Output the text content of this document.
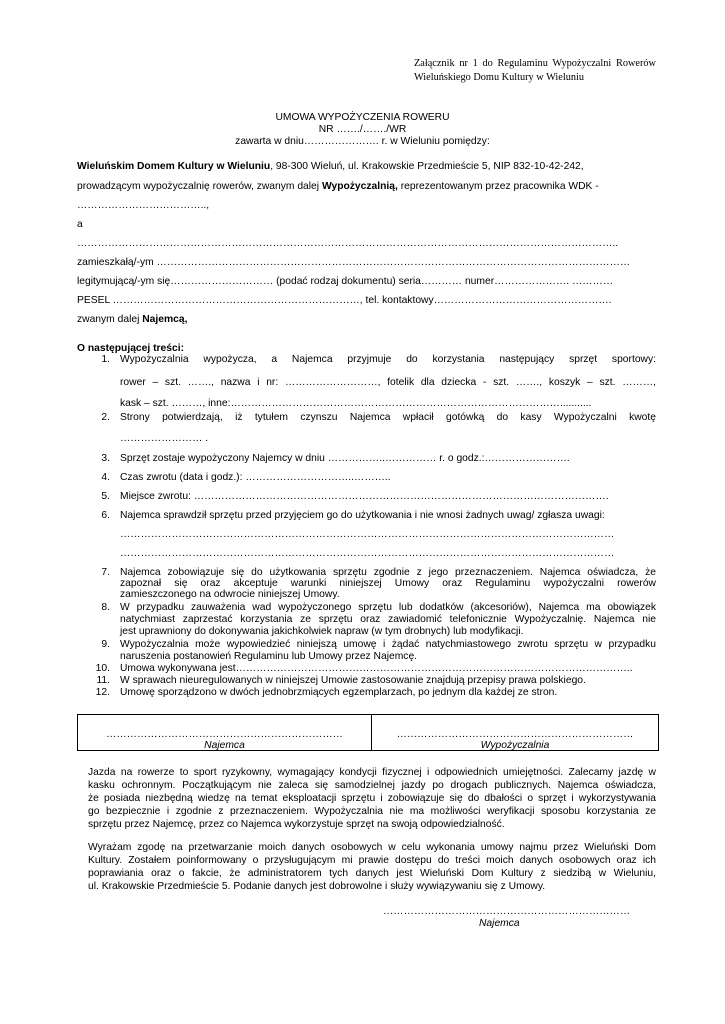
Załącznik nr 1 do Regulaminu Wypożyczalni Rowerów Wieluńskiego Domu Kultury w Wieluniu
UMOWA WYPOŻYCZENIA ROWERU
NR ……./……./WR
zawarta w dniu…………………. r. w Wieluniu pomiędzy:
Wieluńskim Domem Kultury w Wieluniu, 98-300 Wieluń, ul. Krakowskie Przedmieście 5, NIP 832-10-42-242,
prowadzącym wypożyczalnię rowerów, zwanym dalej Wypożyczalnią, reprezentowanym przez pracownika WDK -
………………………………..,
a
…………………………………………………………………………………………………………………………………………..
zamieszkałą/-ym …………………………………………………………………………………………………………………………
legitymującą/-ym się………………………… (podać rodzaj dokumentu) seria………… numer…………………. …………
PESEL ………………………………………………………………, tel. kontaktowy…………………………………………….
zwanym dalej Najemcą,
O następującej treści:
1. Wypożyczalnia wypożycza, a Najemca przyjmuje do korzystania następujący sprzęt sportowy:
rower – szt. ……., nazwa i nr: ………………………, fotelik dla dziecka - szt. ……., koszyk – szt. ………,
kask – szt. ………, inne:……………………………………………………………………………………...........
2. Strony potwierdzają, iż tytułem czynszu Najemca wpłacił gotówką do kasy Wypożyczalni kwotę
…………………… .
3. Sprzęt zostaje wypożyczony Najemcy w dniu ……………..…………… r. o godz.:…………………….
4. Czas zwrotu (data i godz.): …………………………..………..
5. Miejsce zwrotu: ………………………………………………………………………………………………………….
6. Najemca sprawdził sprzętu przed przyjęciem go do użytkowania i nie wnosi żadnych uwag/ zgłasza uwagi:
………………………………………………………………………………………………………………………………
………………………………………………………………………………………………………………………………
7. Najemca zobowiązuje się do użytkowania sprzętu zgodnie z jego przeznaczeniem. Najemca oświadcza, że
zapoznał się oraz akceptuje warunki niniejszej Umowy oraz Regulaminu wypożyczalni rowerów
zamieszczonego na odwrocie niniejszej Umowy.
8. W przypadku zauważenia wad wypożyczonego sprzętu lub dodatków (akcesoriów), Najemca ma obowiązek
natychmiast zaprzestać korzystania ze sprzętu oraz zawiadomić telefonicznie Wypożyczalnię. Najemca nie
jest uprawniony do dokonywania jakichkolwiek napraw (w tym drobnych) lub modyfikacji.
9. Wypożyczalnia może wypowiedzieć niniejszą umowę i żądać natychmiastowego zwrotu sprzętu w przypadku
naruszenia postanowień Regulaminu lub Umowy przez Najemcę.
10. Umowa wykonywana jest……………………………………………………………………………………………………..
11. W sprawach nieuregulowanych w niniejszej Umowie zastosowanie znajdują przepisy prawa polskiego.
12. Umowę sporządzono w dwóch jednobrzmiących egzemplarzach, po jednym dla każdej ze stron.
……………………………………………………………
Najemca
……………………………………………………………
Wypożyczalnia
Jazda na rowerze to sport ryzykowny, wymagający kondycji fizycznej i odpowiednich umiejętności. Zalecamy jazdę w
kasku ochronnym. Początkującym nie zaleca się samodzielnej jazdy po drogach publicznych. Najemca oświadcza,
że posiada niezbędną wiedzę na temat eksploatacji sprzętu i zobowiązuje się do dbałości o sprzęt i wykorzystywania
go bezpiecznie i zgodnie z przeznaczeniem. Wypożyczalnia nie ma możliwości weryfikacji sposobu korzystania ze
sprzętu przez Najemcę, przez co Najemca wykorzystuje sprzęt na swoją odpowiedzialność.
Wyrażam zgodę na przetwarzanie moich danych osobowych w celu wykonania umowy najmu przez Wieluński Dom
Kultury. Zostałem poinformowany o przysługującym mi prawie dostępu do treści moich danych osobowych oraz ich
poprawiania oraz o fakcie, że administratorem tych danych jest Wieluński Dom Kultury z siedzibą w Wieluniu,
ul. Krakowskie Przedmieście 5. Podanie danych jest dobrowolne i służy wywiązywaniu się z Umowy.
………………………………………………………………
Najemca
